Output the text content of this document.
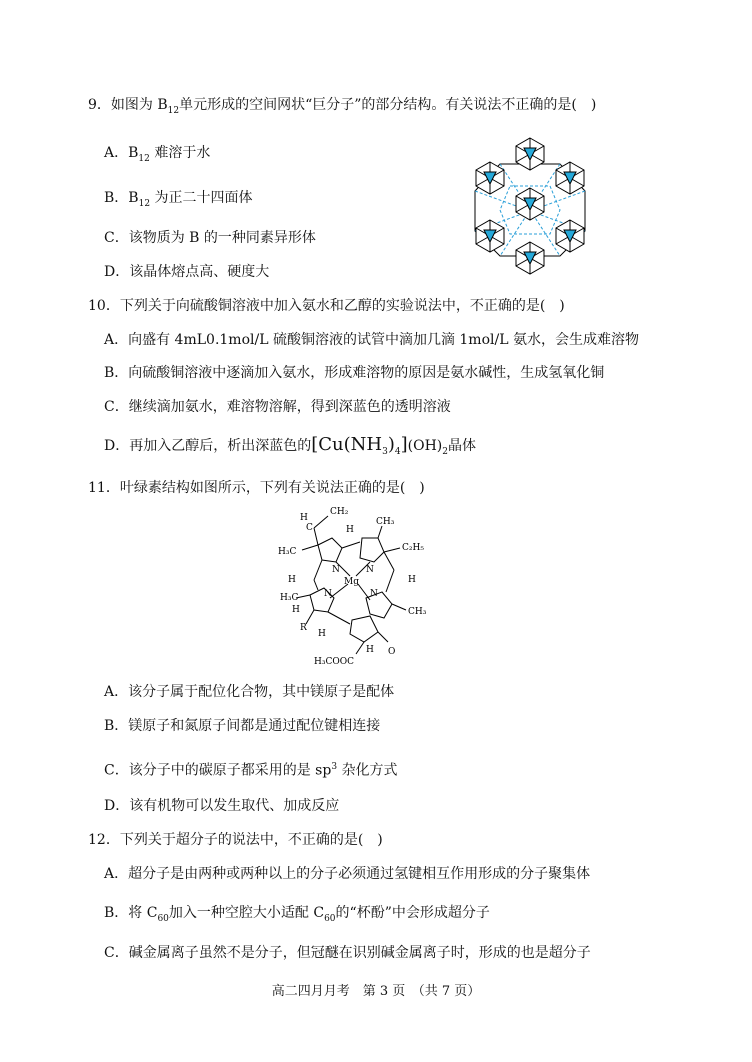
9．如图为 $B_{12}$单元形成的空间网状“巨分子”的部分结构。有关说法不正确的是(　)
A．$B_{12}$ 难溶于水
B．$B_{12}$ 为正二十四面体
C．该物质为 B 的一种同素异形体
D．该晶体熔点高、硬度大
10．下列关于向硫酸铜溶液中加入氨水和乙醇的实验说法中，不正确的是(　)
A．向盛有 4mL0.1mol/L 硫酸铜溶液的试管中滴加几滴 1mol/L 氨水，会生成难溶物
B．向硫酸铜溶液中逐滴加入氨水，形成难溶物的原因是氨水碱性，生成氢氧化铜
C．继续滴加氨水，难溶物溶解，得到深蓝色的透明溶液
D．再加入乙醇后，析出深蓝色的$[Cu(NH_3)_4](OH)_2$晶体
11．叶绿素结构如图所示，下列有关说法正确的是(　)
CH₂
C
H
H
CH₃
H₃C	C₂H₅
N	N
N	N
Mg
H	H
H₃C
H
R
H
CH₃
H O
H₃COOC
A．该分子属于配位化合物，其中镁原子是配体
B．镁原子和氮原子间都是通过配位键相连接
C．该分子中的碳原子都采用的是 $sp^3$ 杂化方式
D．该有机物可以发生取代、加成反应
12．下列关于超分子的说法中，不正确的是(　)
A．超分子是由两种或两种以上的分子必须通过氢键相互作用形成的分子聚集体
B．将 $C_{60}$加入一种空腔大小适配 $C_{60}$的“杯酚”中会形成超分子
C．碱金属离子虽然不是分子，但冠醚在识别碱金属离子时，形成的也是超分子
高二四月月考　第 3 页　（共 7 页）
